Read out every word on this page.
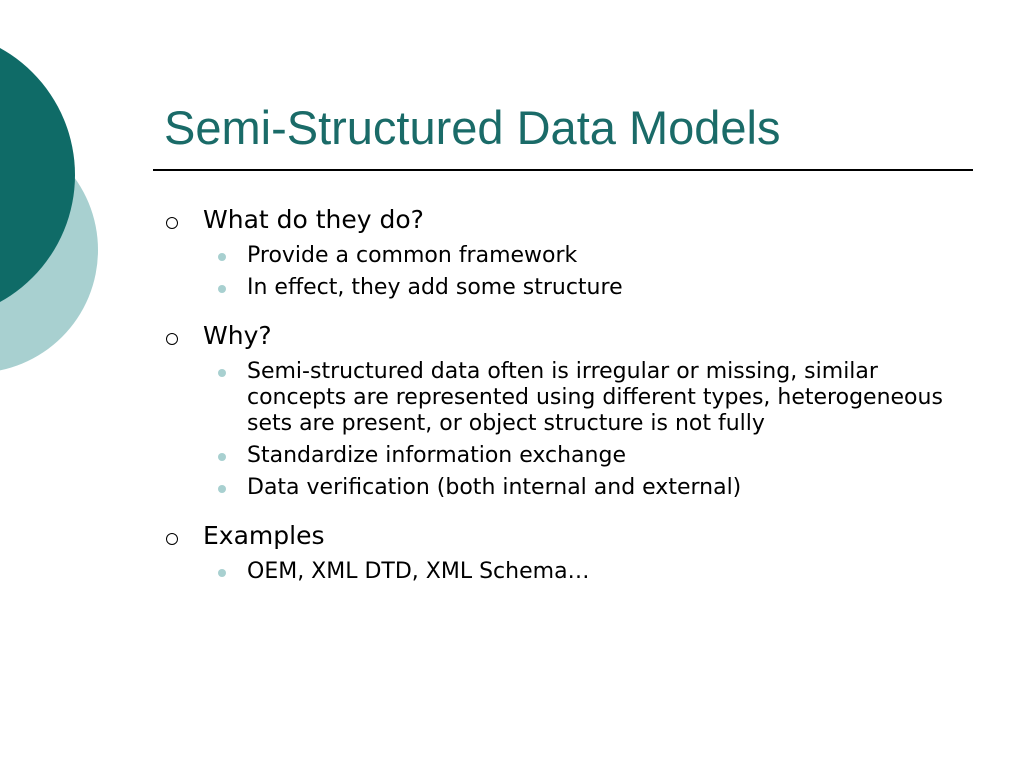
Semi-Structured Data Models
What do they do?
Provide a common framework
In effect, they add some structure
Why?
Semi-structured data often is irregular or missing, similar concepts are represented using different types, heterogeneous sets are present, or object structure is not fully
Standardize information exchange
Data verification (both internal and external)
Examples
OEM, XML DTD, XML Schema…
